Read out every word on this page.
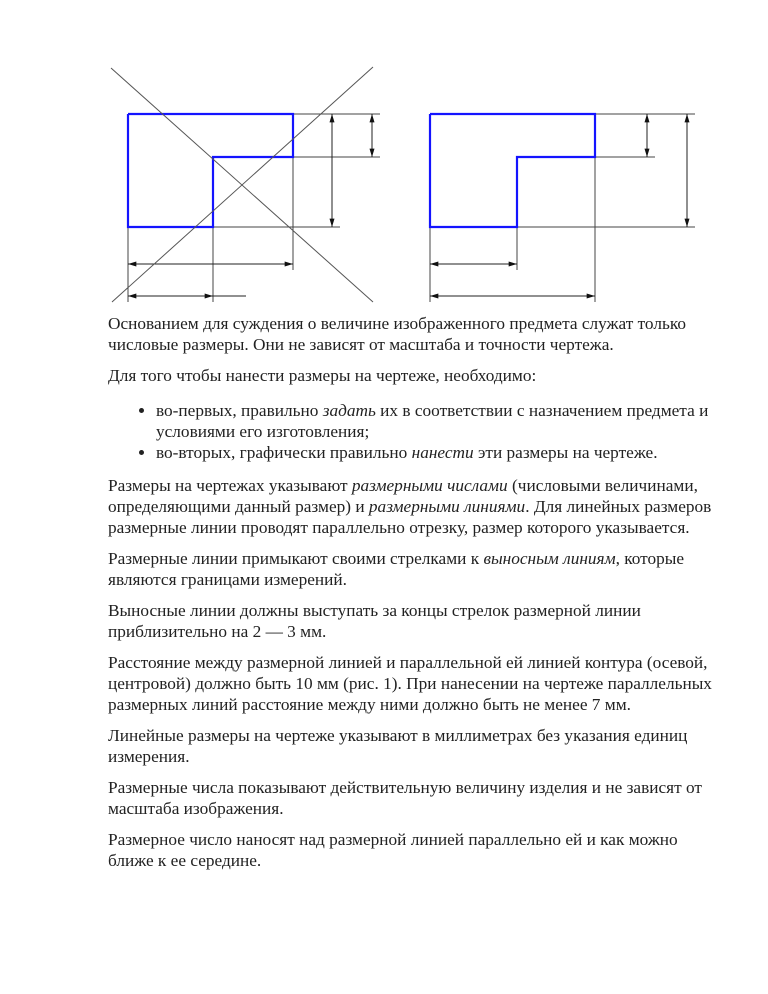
Основанием для суждения о величине изображенного предмета служат только числовые размеры. Они не зависят от масштаба и точности чертежа.

Для того чтобы нанести размеры на чертеже, необходимо:

• во-первых, правильно задать их в соответствии с назначением предмета и условиями его изготовления;
• во-вторых, графически правильно нанести эти размеры на чертеже.

Размеры на чертежах указывают размерными числами (числовыми величинами, определяющими данный размер) и размерными линиями. Для линейных размеров размерные линии проводят параллельно отрезку, размер которого указывается.

Размерные линии примыкают своими стрелками к выносным линиям, которые являются границами измерений.

Выносные линии должны выступать за концы стрелок размерной линии приблизительно на 2 — 3 мм.

Расстояние между размерной линией и параллельной ей линией контура (осевой, центровой) должно быть 10 мм (рис. 1). При нанесении на чертеже параллельных размерных линий расстояние между ними должно быть не менее 7 мм.

Линейные размеры на чертеже указывают в миллиметрах без указания единиц измерения.

Размерные числа показывают действительную величину изделия и не зависят от масштаба изображения.

Размерное число наносят над размерной линией параллельно ей и как можно ближе к ее середине.
